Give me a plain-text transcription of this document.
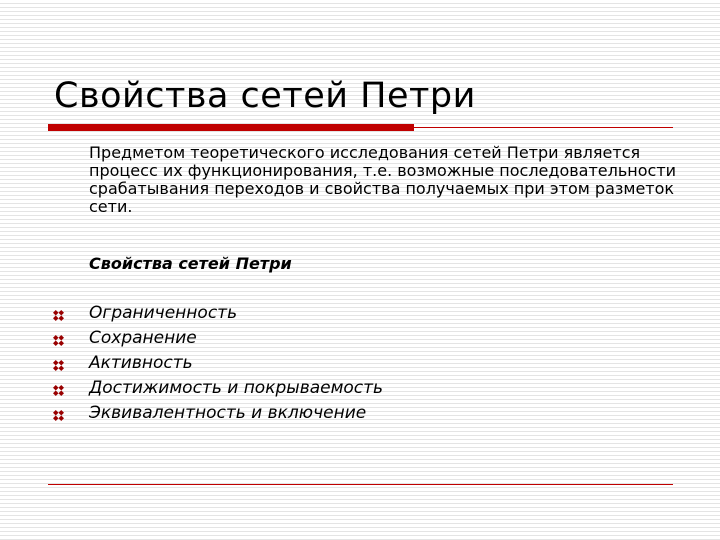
Свойства сетей Петри

Предметом теоретического исследования сетей Петри является процесс их функционирования, т.е. возможные последовательности срабатывания переходов и свойства получаемых при этом разметок сети.

Свойства сетей Петри

Ограниченность
Сохранение
Активность
Достижимость и покрываемость
Эквивалентность и включение
